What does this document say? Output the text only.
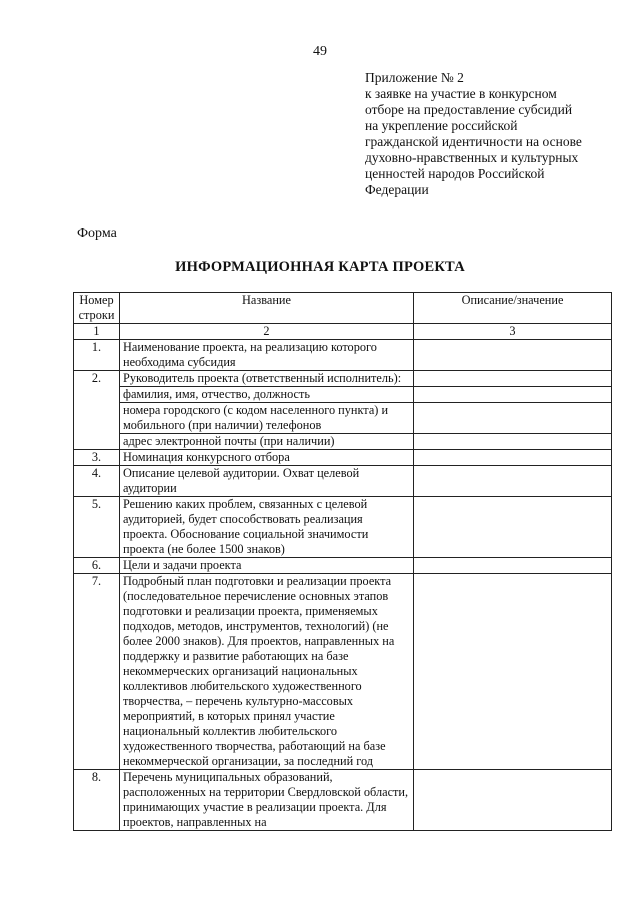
49
Приложение № 2
к заявке на участие в конкурсном
отборе на предоставление субсидий
на укрепление российской
гражданской идентичности на основе
духовно-нравственных и культурных
ценностей народов Российской
Федерации
Форма
ИНФОРМАЦИОННАЯ КАРТА ПРОЕКТА
Номер
строки	Название	Описание/значение
1	2	3
1.	Наименование проекта, на реализацию которого необходима субсидия	
2.	Руководитель проекта (ответственный исполнитель):	
	фамилия, имя, отчество, должность	
	номера городского (с кодом населенного пункта) и мобильного (при наличии) телефонов	
	адрес электронной почты (при наличии)	
3.	Номинация конкурсного отбора	
4.	Описание целевой аудитории. Охват целевой аудитории	
5.	Решению каких проблем, связанных с целевой аудиторией, будет способствовать реализация проекта. Обоснование социальной значимости проекта (не более 1500 знаков)	
6.	Цели и задачи проекта	
7.	Подробный план подготовки и реализации проекта (последовательное перечисление основных этапов подготовки и реализации проекта, применяемых подходов, методов, инструментов, технологий) (не более 2000 знаков). Для проектов, направленных на поддержку и развитие работающих на базе некоммерческих организаций национальных коллективов любительского художественного творчества, – перечень культурно-массовых мероприятий, в которых принял участие национальный коллектив любительского художественного творчества, работающий на базе некоммерческой организации, за последний год	
8.	Перечень муниципальных образований, расположенных на территории Свердловской области, принимающих участие в реализации проекта. Для проектов, направленных на	
